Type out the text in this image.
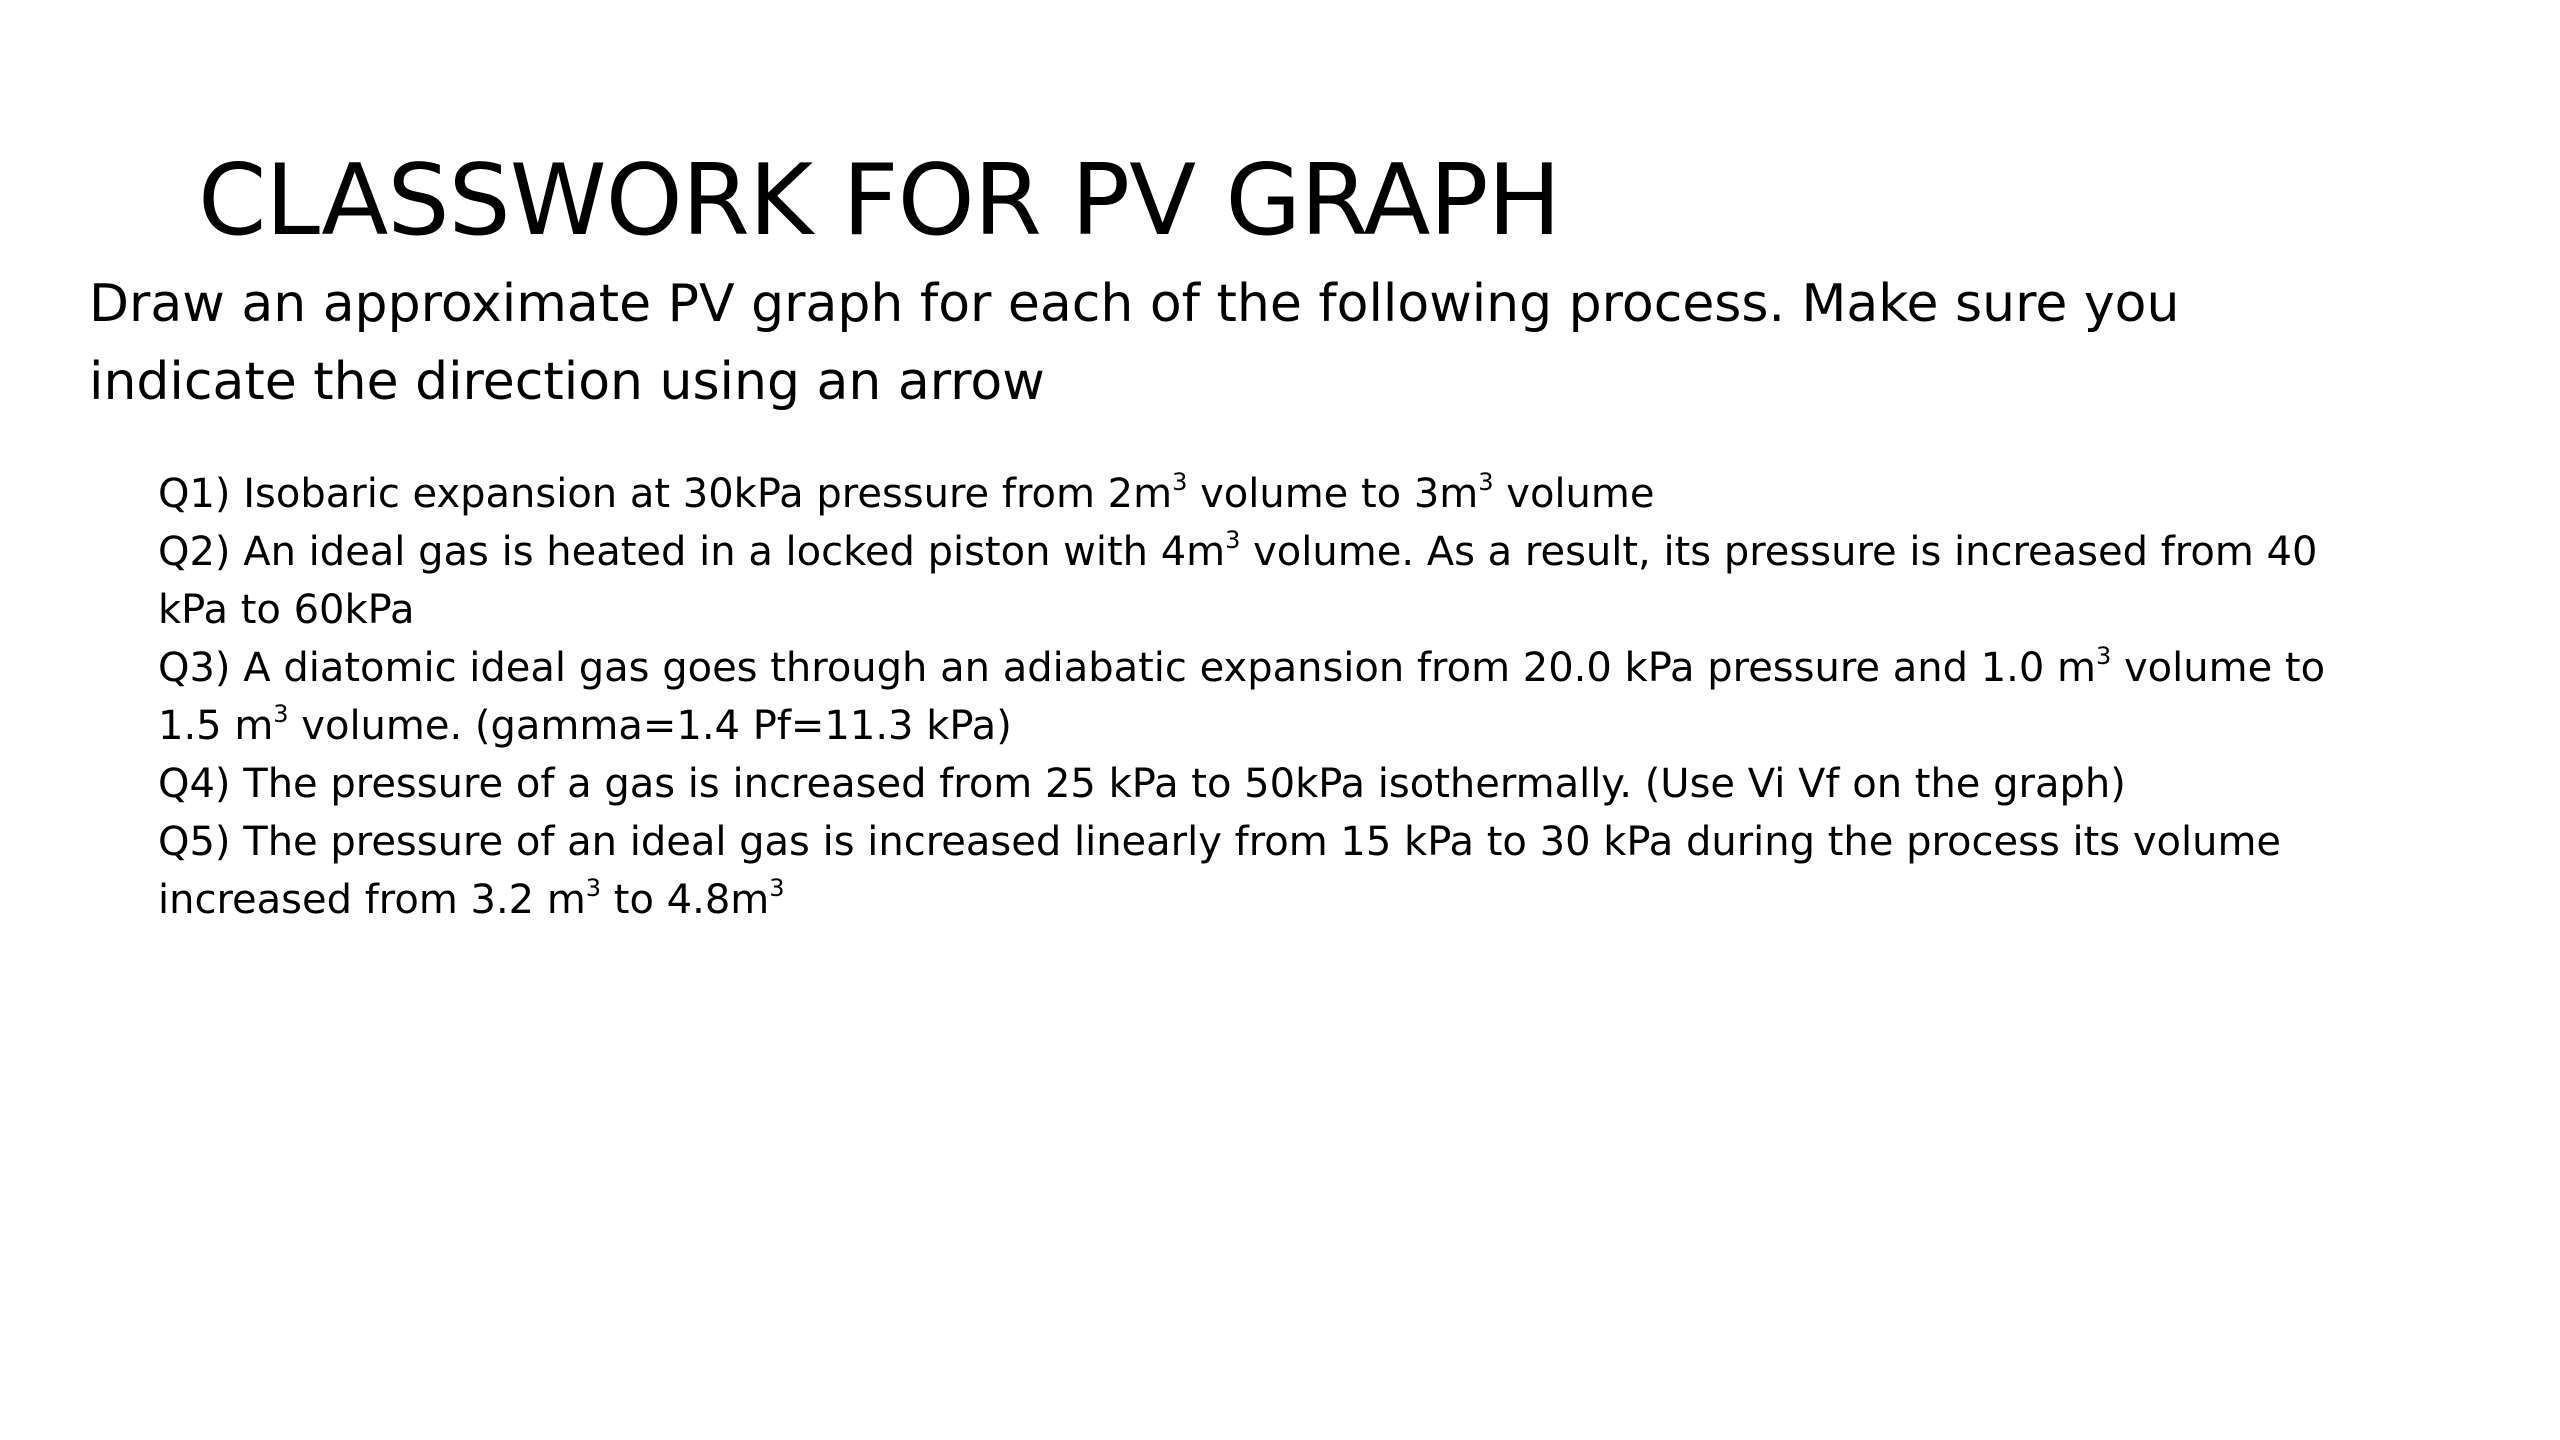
CLASSWORK FOR PV GRAPH
Draw an approximate PV graph for each of the following process. Make sure you indicate the direction using an arrow
Q1) Isobaric expansion at 30kPa pressure from $2m^3$ volume to $3m^3$ volume
Q2) An ideal gas is heated in a locked piston with $4m^3$ volume. As a result, its pressure is increased from 40 kPa to 60kPa
Q3) A diatomic ideal gas goes through an adiabatic expansion from 20.0 kPa pressure and 1.0 $m^3$ volume to 1.5 $m^3$ volume. (gamma=1.4 Pf=11.3 kPa)
Q4) The pressure of a gas is increased from 25 kPa to 50kPa isothermally. (Use Vi Vf on the graph)
Q5) The pressure of an ideal gas is increased linearly from 15 kPa to 30 kPa during the process its volume increased from 3.2 $m^3$ to $4.8m^3$
